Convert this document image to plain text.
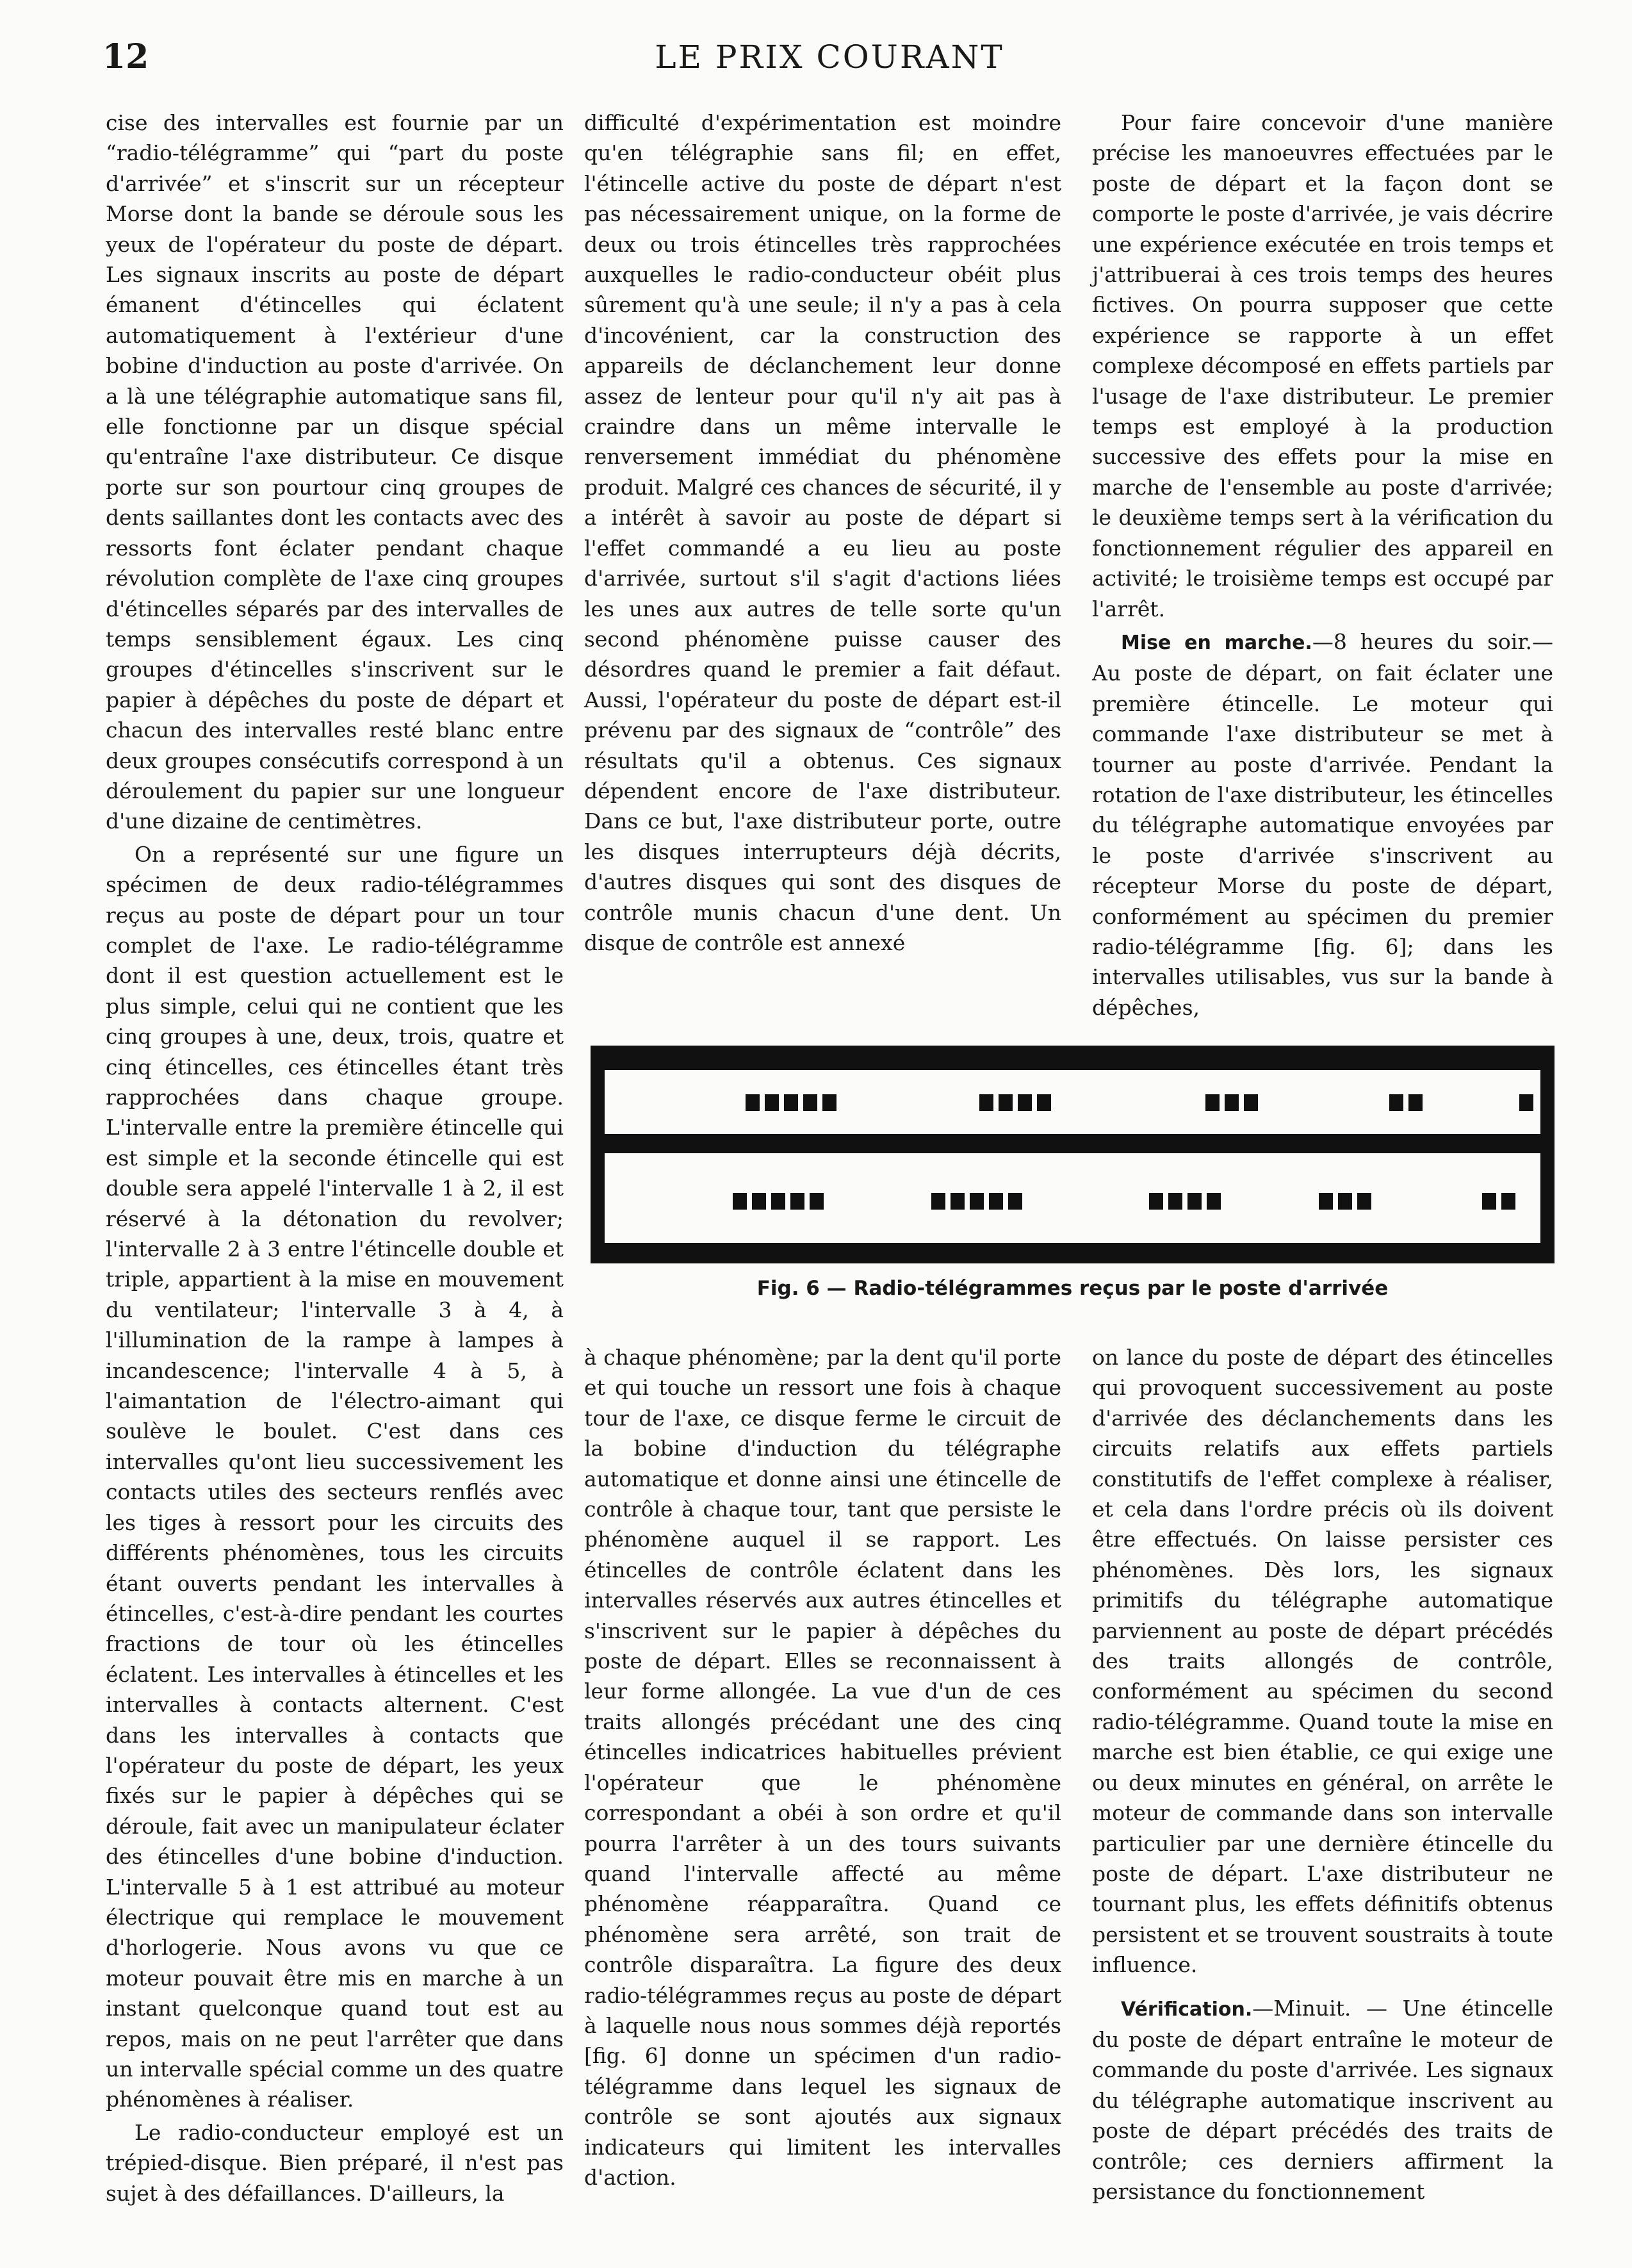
12	LE PRIX COURANT

cise des intervalles est fournie par un “radio-télégramme” qui “part du poste d'arrivée” et s'inscrit sur un récepteur Morse dont la bande se déroule sous les yeux de l'opérateur du poste de départ. Les signaux inscrits au poste de départ émanent d'étincelles qui éclatent automatiquement à l'extérieur d'une bobine d'induction au poste d'arrivée. On a là une télégraphie automatique sans fil, elle fonctionne par un disque spécial qu'entraîne l'axe distributeur. Ce disque porte sur son pourtour cinq groupes de dents saillantes dont les contacts avec des ressorts font éclater pendant chaque révolution complète de l'axe cinq groupes d'étincelles séparés par des intervalles de temps sensiblement égaux. Les cinq groupes d'étincelles s'inscrivent sur le papier à dépêches du poste de départ et chacun des intervalles resté blanc entre deux groupes consécutifs correspond à un déroulement du papier sur une longueur d'une dizaine de centimètres.

On a représenté sur une figure un spécimen de deux radio-télégrammes reçus au poste de départ pour un tour complet de l'axe. Le radio-télégramme dont il est question actuellement est le plus simple, celui qui ne contient que les cinq groupes à une, deux, trois, quatre et cinq étincelles, ces étincelles étant très rapprochées dans chaque groupe. L'intervalle entre la première étincelle qui est simple et la seconde étincelle qui est double sera appelé l'intervalle 1 à 2, il est réservé à la détonation du revolver; l'intervalle 2 à 3 entre l'étincelle double et triple, appartient à la mise en mouvement du ventilateur; l'intervalle 3 à 4, à l'illumination de la rampe à lampes à incandescence; l'intervalle 4 à 5, à l'aimantation de l'électro-aimant qui soulève le boulet. C'est dans ces intervalles qu'ont lieu successivement les contacts utiles des secteurs renflés avec les tiges à ressort pour les circuits des différents phénomènes, tous les circuits étant ouverts pendant les intervalles à étincelles, c'est-à-dire pendant les courtes fractions de tour où les étincelles éclatent. Les intervalles à étincelles et les intervalles à contacts alternent. C'est dans les intervalles à contacts que l'opérateur du poste de départ, les yeux fixés sur le papier à dépêches qui se déroule, fait avec un manipulateur éclater des étincelles d'une bobine d'induction. L'intervalle 5 à 1 est attribué au moteur électrique qui remplace le mouvement d'horlogerie. Nous avons vu que ce moteur pouvait être mis en marche à un instant quelconque quand tout est au repos, mais on ne peut l'arrêter que dans un intervalle spécial comme un des quatre phénomènes à réaliser.

Le radio-conducteur employé est un trépied-disque. Bien préparé, il n'est pas sujet à des défaillances. D'ailleurs, la

difficulté d'expérimentation est moindre qu'en télégraphie sans fil; en effet, l'étincelle active du poste de départ n'est pas nécessairement unique, on la forme de deux ou trois étincelles très rapprochées auxquelles le radio-conducteur obéit plus sûrement qu'à une seule; il n'y a pas à cela d'incovénient, car la construction des appareils de déclanchement leur donne assez de lenteur pour qu'il n'y ait pas à craindre dans un même intervalle le renversement immédiat du phénomène produit. Malgré ces chances de sécurité, il y a intérêt à savoir au poste de départ si l'effet commandé a eu lieu au poste d'arrivée, surtout s'il s'agit d'actions liées les unes aux autres de telle sorte qu'un second phénomène puisse causer des désordres quand le premier a fait défaut. Aussi, l'opérateur du poste de départ est-il prévenu par des signaux de “contrôle” des résultats qu'il a obtenus. Ces signaux dépendent encore de l'axe distributeur. Dans ce but, l'axe distributeur porte, outre les disques interrupteurs déjà décrits, d'autres disques qui sont des disques de contrôle munis chacun d'une dent. Un disque de contrôle est annexé

Pour faire concevoir d'une manière précise les manoeuvres effectuées par le poste de départ et la façon dont se comporte le poste d'arrivée, je vais décrire une expérience exécutée en trois temps et j'attribuerai à ces trois temps des heures fictives. On pourra supposer que cette expérience se rapporte à un effet complexe décomposé en effets partiels par l'usage de l'axe distributeur. Le premier temps est employé à la production successive des effets pour la mise en marche de l'ensemble au poste d'arrivée; le deuxième temps sert à la vérification du fonctionnement régulier des appareil en activité; le troisième temps est occupé par l'arrêt.

Mise en marche.—8 heures du soir.— Au poste de départ, on fait éclater une première étincelle. Le moteur qui commande l'axe distributeur se met à tourner au poste d'arrivée. Pendant la rotation de l'axe distributeur, les étincelles du télégraphe automatique envoyées par le poste d'arrivée s'inscrivent au récepteur Morse du poste de départ, conformément au spécimen du premier radio-télégramme [fig. 6]; dans les intervalles utilisables, vus sur la bande à dépêches,

Fig. 6 — Radio-télégrammes reçus par le poste d'arrivée

à chaque phénomène; par la dent qu'il porte et qui touche un ressort une fois à chaque tour de l'axe, ce disque ferme le circuit de la bobine d'induction du télégraphe automatique et donne ainsi une étincelle de contrôle à chaque tour, tant que persiste le phénomène auquel il se rapport. Les étincelles de contrôle éclatent dans les intervalles réservés aux autres étincelles et s'inscrivent sur le papier à dépêches du poste de départ. Elles se reconnaissent à leur forme allongée. La vue d'un de ces traits allongés précédant une des cinq étincelles indicatrices habituelles prévient l'opérateur que le phénomène correspondant a obéi à son ordre et qu'il pourra l'arrêter à un des tours suivants quand l'intervalle affecté au même phénomène réapparaîtra. Quand ce phénomène sera arrêté, son trait de contrôle disparaîtra. La figure des deux radio-télégrammes reçus au poste de départ à laquelle nous nous sommes déjà reportés [fig. 6] donne un spécimen d'un radio-télégramme dans lequel les signaux de contrôle se sont ajoutés aux signaux indicateurs qui limitent les intervalles d'action.

on lance du poste de départ des étincelles qui provoquent successivement au poste d'arrivée des déclanchements dans les circuits relatifs aux effets partiels constitutifs de l'effet complexe à réaliser, et cela dans l'ordre précis où ils doivent être effectués. On laisse persister ces phénomènes. Dès lors, les signaux primitifs du télégraphe automatique parviennent au poste de départ précédés des traits allongés de contrôle, conformément au spécimen du second radio-télégramme. Quand toute la mise en marche est bien établie, ce qui exige une ou deux minutes en général, on arrête le moteur de commande dans son intervalle particulier par une dernière étincelle du poste de départ. L'axe distributeur ne tournant plus, les effets définitifs obtenus persistent et se trouvent soustraits à toute influence.

Vérification.—Minuit. — Une étincelle du poste de départ entraîne le moteur de commande du poste d'arrivée. Les signaux du télégraphe automatique inscrivent au poste de départ précédés des traits de contrôle; ces derniers affirment la persistance du fonctionnement
